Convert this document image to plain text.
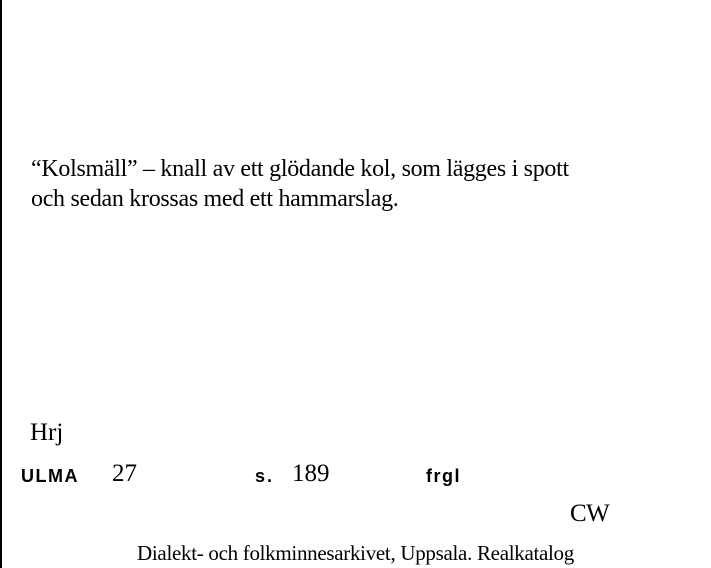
“Kolsmäll” – knall av ett glödande kol, som lägges i spott
och sedan krossas med ett hammarslag.

Hrj
ULMA 27	s. 189	frgl
CW
Dialekt- och folkminnesarkivet, Uppsala. Realkatalog
